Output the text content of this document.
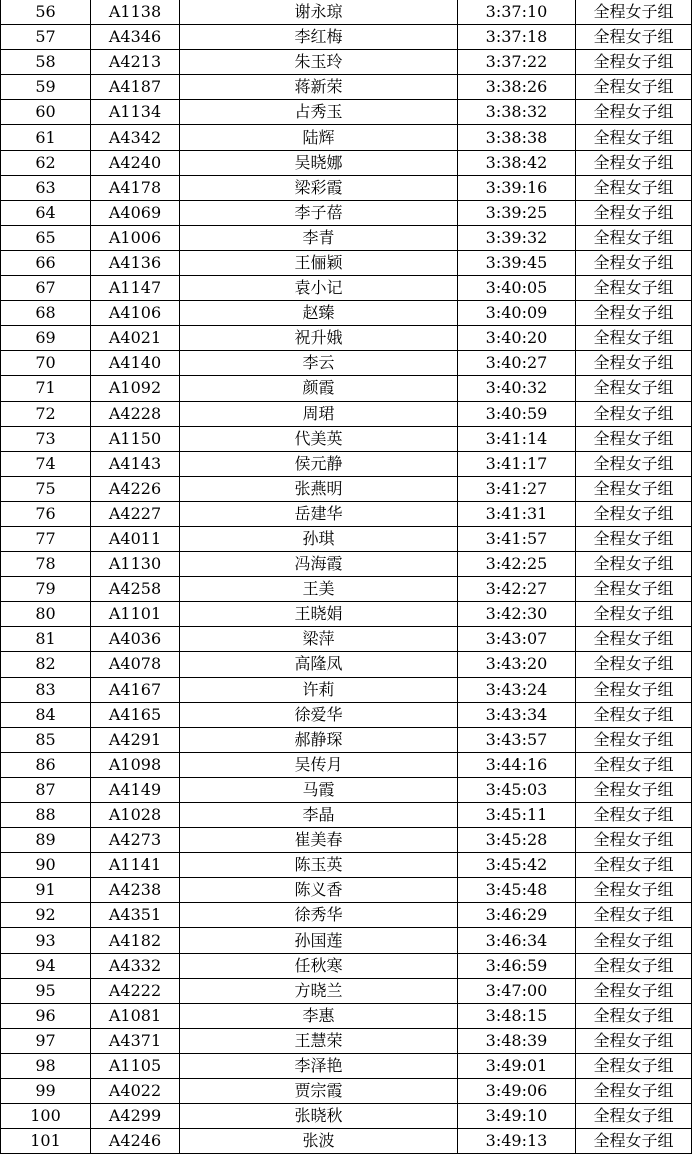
56	A1138	谢永琼	3:37:10	全程女子组
57	A4346	李红梅	3:37:18	全程女子组
58	A4213	朱玉玲	3:37:22	全程女子组
59	A4187	蒋新荣	3:38:26	全程女子组
60	A1134	占秀玉	3:38:32	全程女子组
61	A4342	陆辉	3:38:38	全程女子组
62	A4240	吴晓娜	3:38:42	全程女子组
63	A4178	梁彩霞	3:39:16	全程女子组
64	A4069	李子蓓	3:39:25	全程女子组
65	A1006	李青	3:39:32	全程女子组
66	A4136	王俪颖	3:39:45	全程女子组
67	A1147	袁小记	3:40:05	全程女子组
68	A4106	赵臻	3:40:09	全程女子组
69	A4021	祝升娥	3:40:20	全程女子组
70	A4140	李云	3:40:27	全程女子组
71	A1092	颜霞	3:40:32	全程女子组
72	A4228	周珺	3:40:59	全程女子组
73	A1150	代美英	3:41:14	全程女子组
74	A4143	侯元静	3:41:17	全程女子组
75	A4226	张燕明	3:41:27	全程女子组
76	A4227	岳建华	3:41:31	全程女子组
77	A4011	孙琪	3:41:57	全程女子组
78	A1130	冯海霞	3:42:25	全程女子组
79	A4258	王美	3:42:27	全程女子组
80	A1101	王晓娟	3:42:30	全程女子组
81	A4036	梁萍	3:43:07	全程女子组
82	A4078	高隆凤	3:43:20	全程女子组
83	A4167	许莉	3:43:24	全程女子组
84	A4165	徐爱华	3:43:34	全程女子组
85	A4291	郝静琛	3:43:57	全程女子组
86	A1098	吴传月	3:44:16	全程女子组
87	A4149	马霞	3:45:03	全程女子组
88	A1028	李晶	3:45:11	全程女子组
89	A4273	崔美春	3:45:28	全程女子组
90	A1141	陈玉英	3:45:42	全程女子组
91	A4238	陈义香	3:45:48	全程女子组
92	A4351	徐秀华	3:46:29	全程女子组
93	A4182	孙国莲	3:46:34	全程女子组
94	A4332	任秋寒	3:46:59	全程女子组
95	A4222	方晓兰	3:47:00	全程女子组
96	A1081	李惠	3:48:15	全程女子组
97	A4371	王慧荣	3:48:39	全程女子组
98	A1105	李泽艳	3:49:01	全程女子组
99	A4022	贾宗霞	3:49:06	全程女子组
100	A4299	张晓秋	3:49:10	全程女子组
101	A4246	张波	3:49:13	全程女子组
